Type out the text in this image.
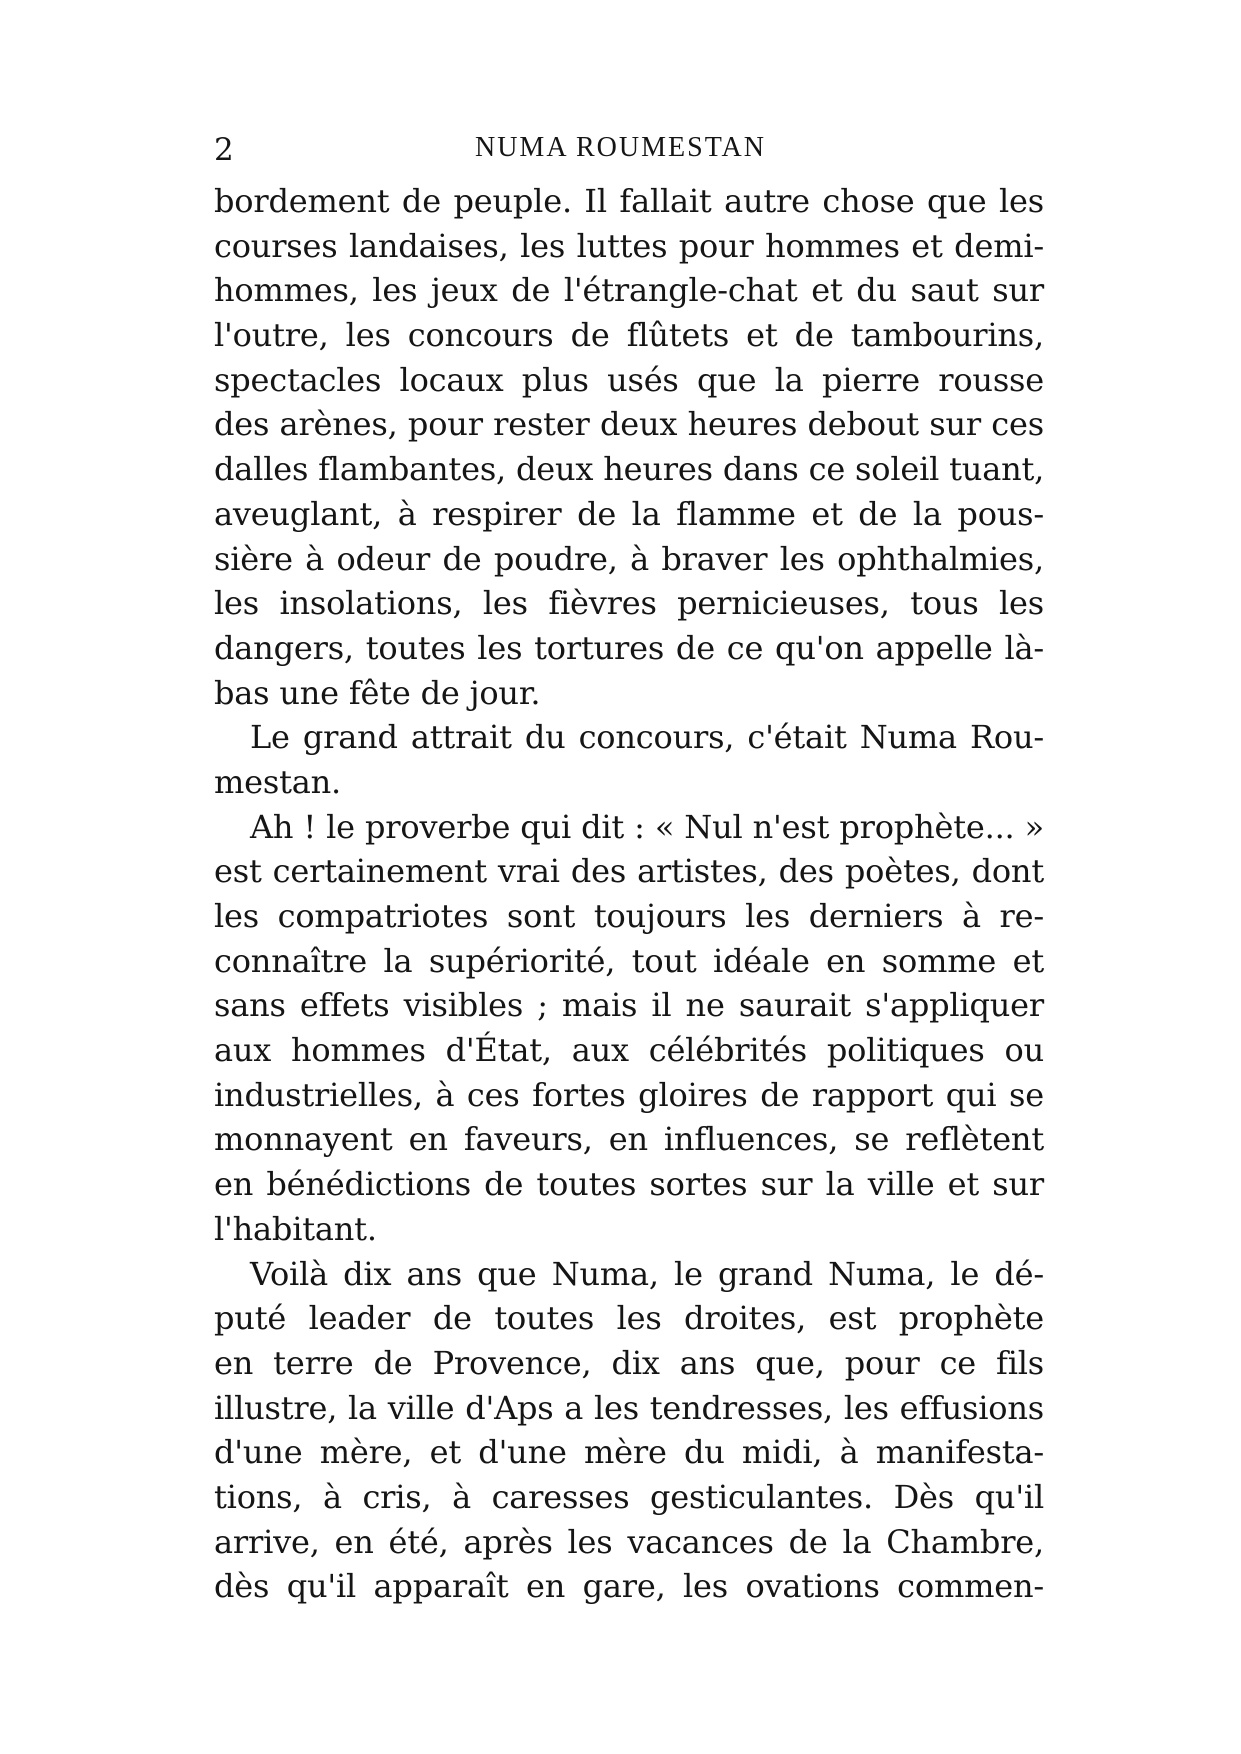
2	NUMA ROUMESTAN
bordement de peuple. Il fallait autre chose que les
courses landaises, les luttes pour hommes et demi-
hommes, les jeux de l'étrangle-chat et du saut sur
l'outre, les concours de flûtets et de tambourins,
spectacles locaux plus usés que la pierre rousse
des arènes, pour rester deux heures debout sur ces
dalles flambantes, deux heures dans ce soleil tuant,
aveuglant, à respirer de la flamme et de la pous-
sière à odeur de poudre, à braver les ophthalmies,
les insolations, les fièvres pernicieuses, tous les
dangers, toutes les tortures de ce qu'on appelle là-
bas une fête de jour.
Le grand attrait du concours, c'était Numa Rou-
mestan.
Ah ! le proverbe qui dit : « Nul n'est prophète... »
est certainement vrai des artistes, des poètes, dont
les compatriotes sont toujours les derniers à re-
connaître la supériorité, tout idéale en somme et
sans effets visibles ; mais il ne saurait s'appliquer
aux hommes d'État, aux célébrités politiques ou
industrielles, à ces fortes gloires de rapport qui se
monnayent en faveurs, en influences, se reflètent
en bénédictions de toutes sortes sur la ville et sur
l'habitant.
Voilà dix ans que Numa, le grand Numa, le dé-
puté leader de toutes les droites, est prophète
en terre de Provence, dix ans que, pour ce fils
illustre, la ville d'Aps a les tendresses, les effusions
d'une mère, et d'une mère du midi, à manifesta-
tions, à cris, à caresses gesticulantes. Dès qu'il
arrive, en été, après les vacances de la Chambre,
dès qu'il apparaît en gare, les ovations commen-
